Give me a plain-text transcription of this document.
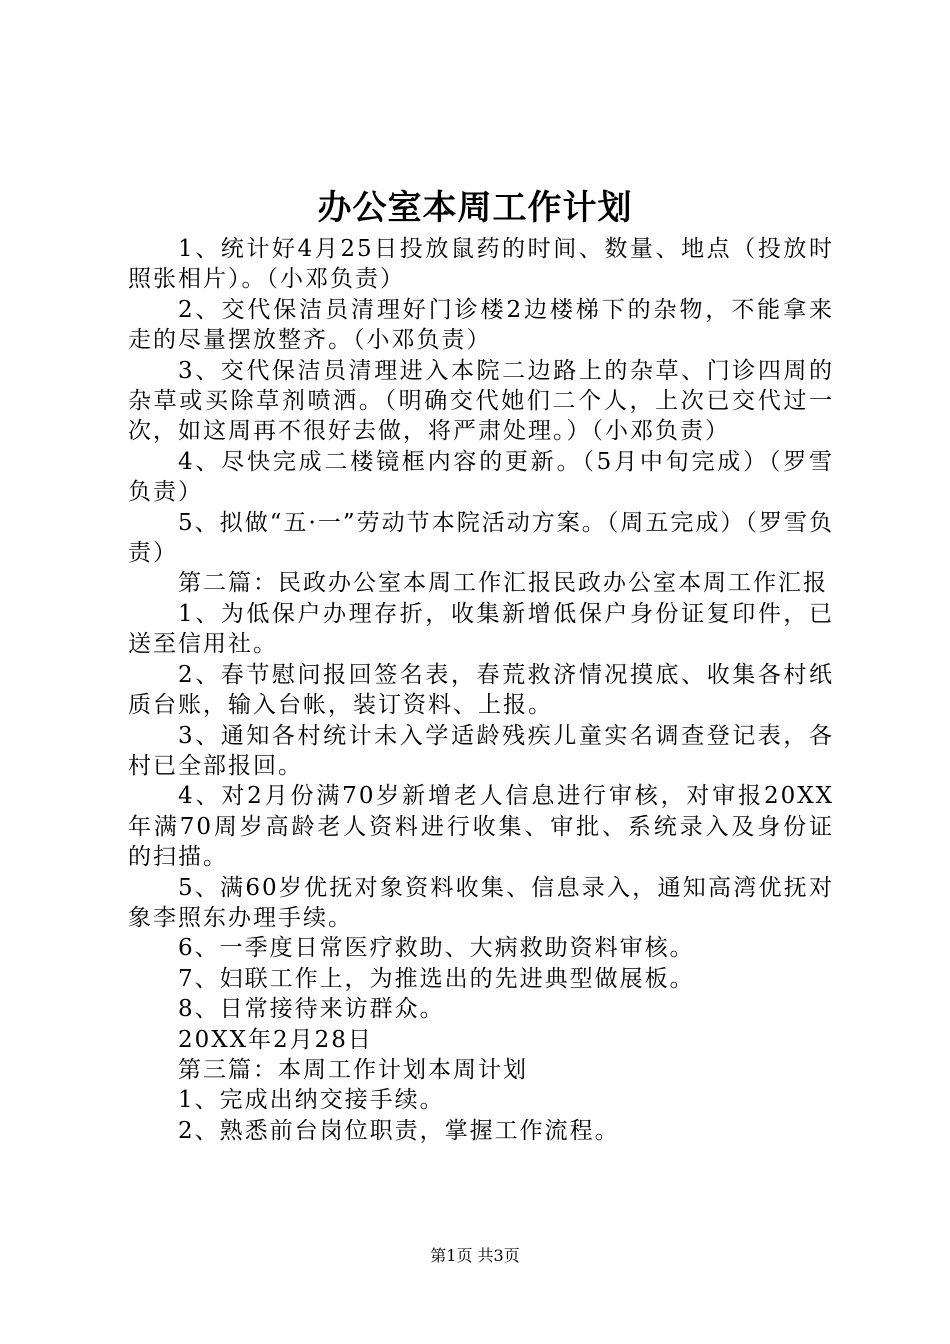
办公室本周工作计划

1、统计好4月25日投放鼠药的时间、数量、地点（投放时照张相片）。（小邓负责）

2、交代保洁员清理好门诊楼2边楼梯下的杂物，不能拿来走的尽量摆放整齐。（小邓负责）

3、交代保洁员清理进入本院二边路上的杂草、门诊四周的杂草或买除草剂喷洒。（明确交代她们二个人，上次已交代过一次，如这周再不很好去做，将严肃处理。）（小邓负责）

4、尽快完成二楼镜框内容的更新。（5月中旬完成）（罗雪负责）

5、拟做“五·一”劳动节本院活动方案。（周五完成）（罗雪负责）

第二篇：民政办公室本周工作汇报民政办公室本周工作汇报

1、为低保户办理存折，收集新增低保户身份证复印件，已送至信用社。

2、春节慰问报回签名表，春荒救济情况摸底、收集各村纸质台账，输入台帐，装订资料、上报。

3、通知各村统计未入学适龄残疾儿童实名调查登记表，各村已全部报回。

4、对2月份满70岁新增老人信息进行审核，对审报20XX年满70周岁高龄老人资料进行收集、审批、系统录入及身份证的扫描。

5、满60岁优抚对象资料收集、信息录入，通知高湾优抚对象李照东办理手续。

6、一季度日常医疗救助、大病救助资料审核。

7、妇联工作上，为推选出的先进典型做展板。

8、日常接待来访群众。

20XX年2月28日

第三篇：本周工作计划本周计划

1、完成出纳交接手续。

2、熟悉前台岗位职责，掌握工作流程。

第1页 共3页
